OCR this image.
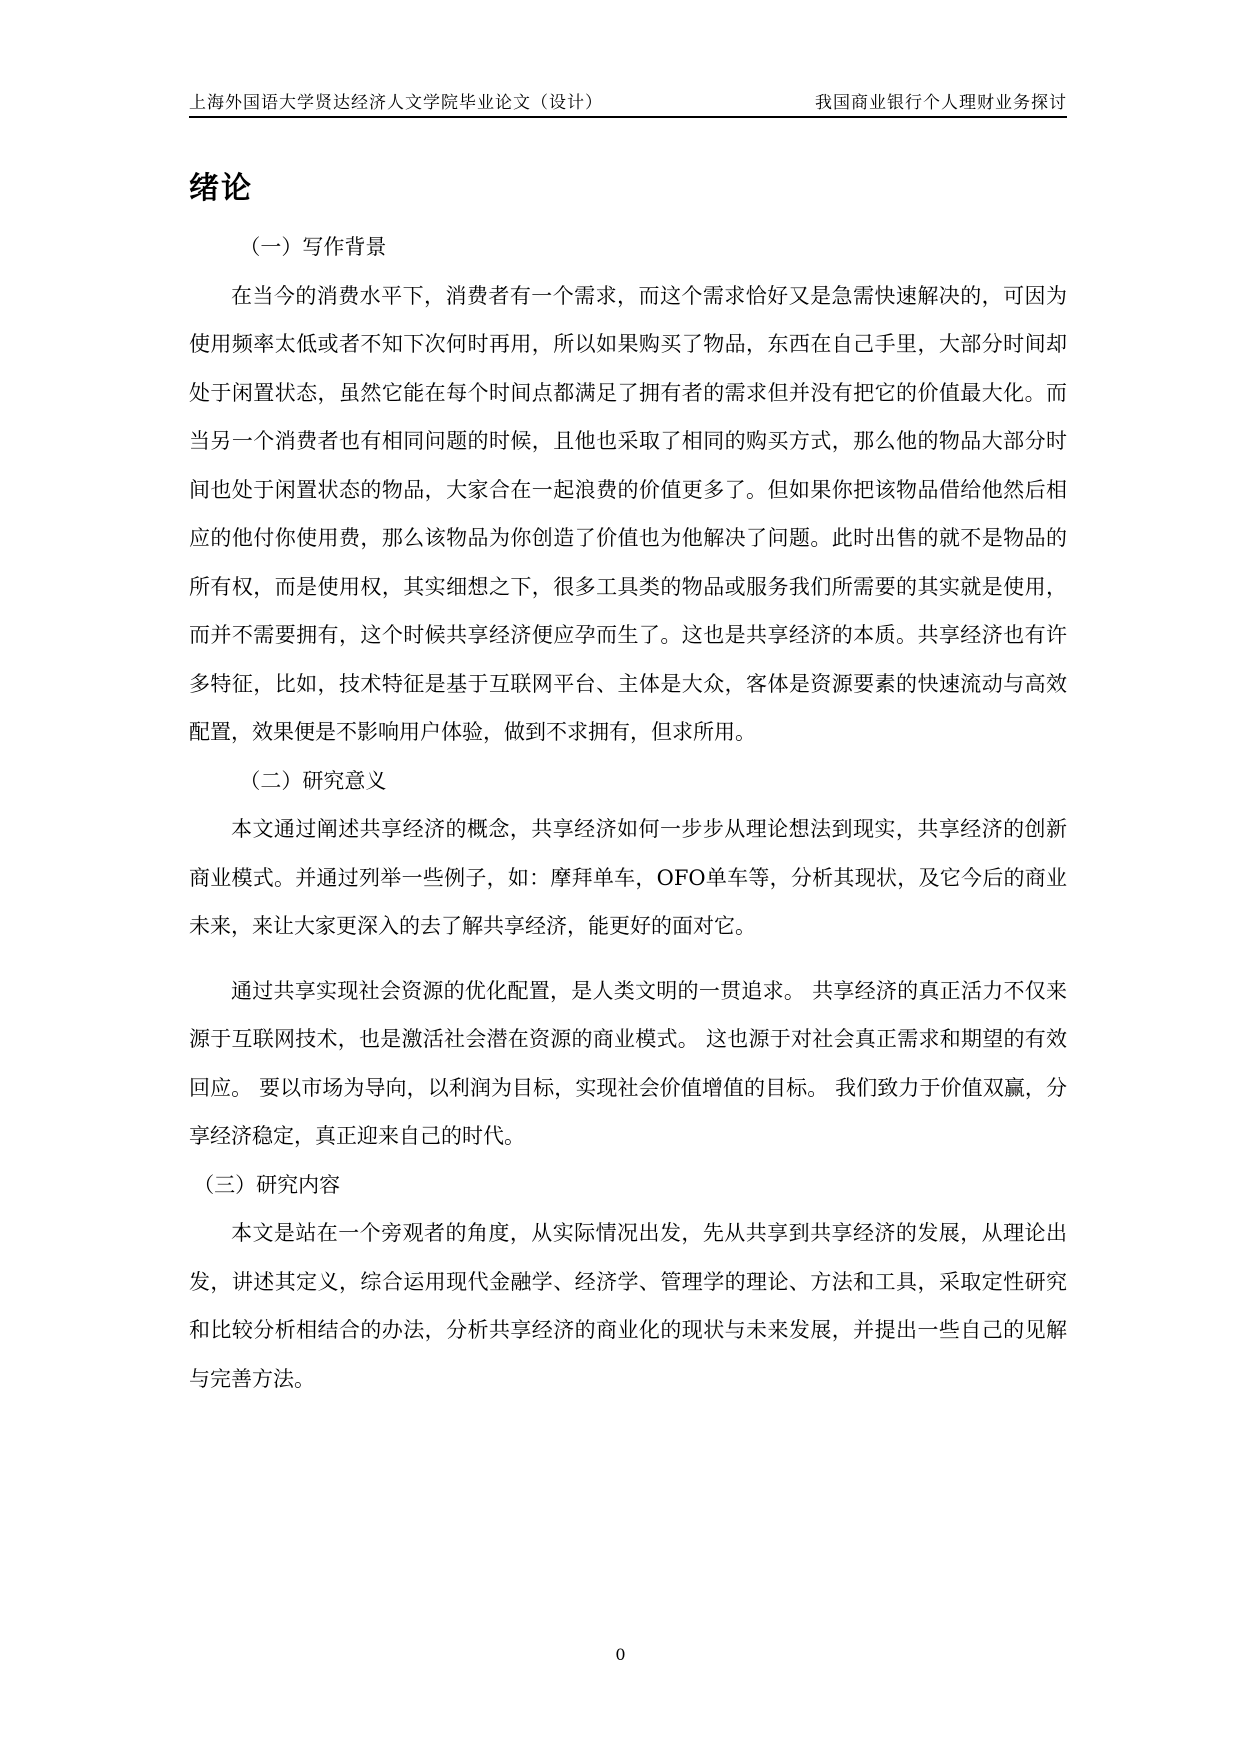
上海外国语大学贤达经济人文学院毕业论文（设计）	我国商业银行个人理财业务探讨
绪论

（一）写作背景

在当今的消费水平下，消费者有一个需求，而这个需求恰好又是急需快速解决的，可因为使用频率太低或者不知下次何时再用，所以如果购买了物品，东西在自己手里，大部分时间却处于闲置状态，虽然它能在每个时间点都满足了拥有者的需求但并没有把它的价值最大化。而当另一个消费者也有相同问题的时候，且他也采取了相同的购买方式，那么他的物品大部分时间也处于闲置状态的物品，大家合在一起浪费的价值更多了。但如果你把该物品借给他然后相应的他付你使用费，那么该物品为你创造了价值也为他解决了问题。此时出售的就不是物品的所有权，而是使用权，其实细想之下，很多工具类的物品或服务我们所需要的其实就是使用，而并不需要拥有，这个时候共享经济便应孕而生了。这也是共享经济的本质。共享经济也有许多特征，比如，技术特征是基于互联网平台、主体是大众，客体是资源要素的快速流动与高效配置，效果便是不影响用户体验，做到不求拥有，但求所用。

（二）研究意义

本文通过阐述共享经济的概念，共享经济如何一步步从理论想法到现实，共享经济的创新商业模式。并通过列举一些例子，如：摩拜单车，OFO单车等，分析其现状，及它今后的商业未来，来让大家更深入的去了解共享经济，能更好的面对它。

通过共享实现社会资源的优化配置，是人类文明的一贯追求。 共享经济的真正活力不仅来源于互联网技术，也是激活社会潜在资源的商业模式。 这也源于对社会真正需求和期望的有效回应。 要以市场为导向，以利润为目标，实现社会价值增值的目标。 我们致力于价值双赢，分享经济稳定，真正迎来自己的时代。

（三）研究内容

本文是站在一个旁观者的角度，从实际情况出发，先从共享到共享经济的发展，从理论出发，讲述其定义，综合运用现代金融学、经济学、管理学的理论、方法和工具，采取定性研究和比较分析相结合的办法，分析共享经济的商业化的现状与未来发展，并提出一些自己的见解与完善方法。

0
